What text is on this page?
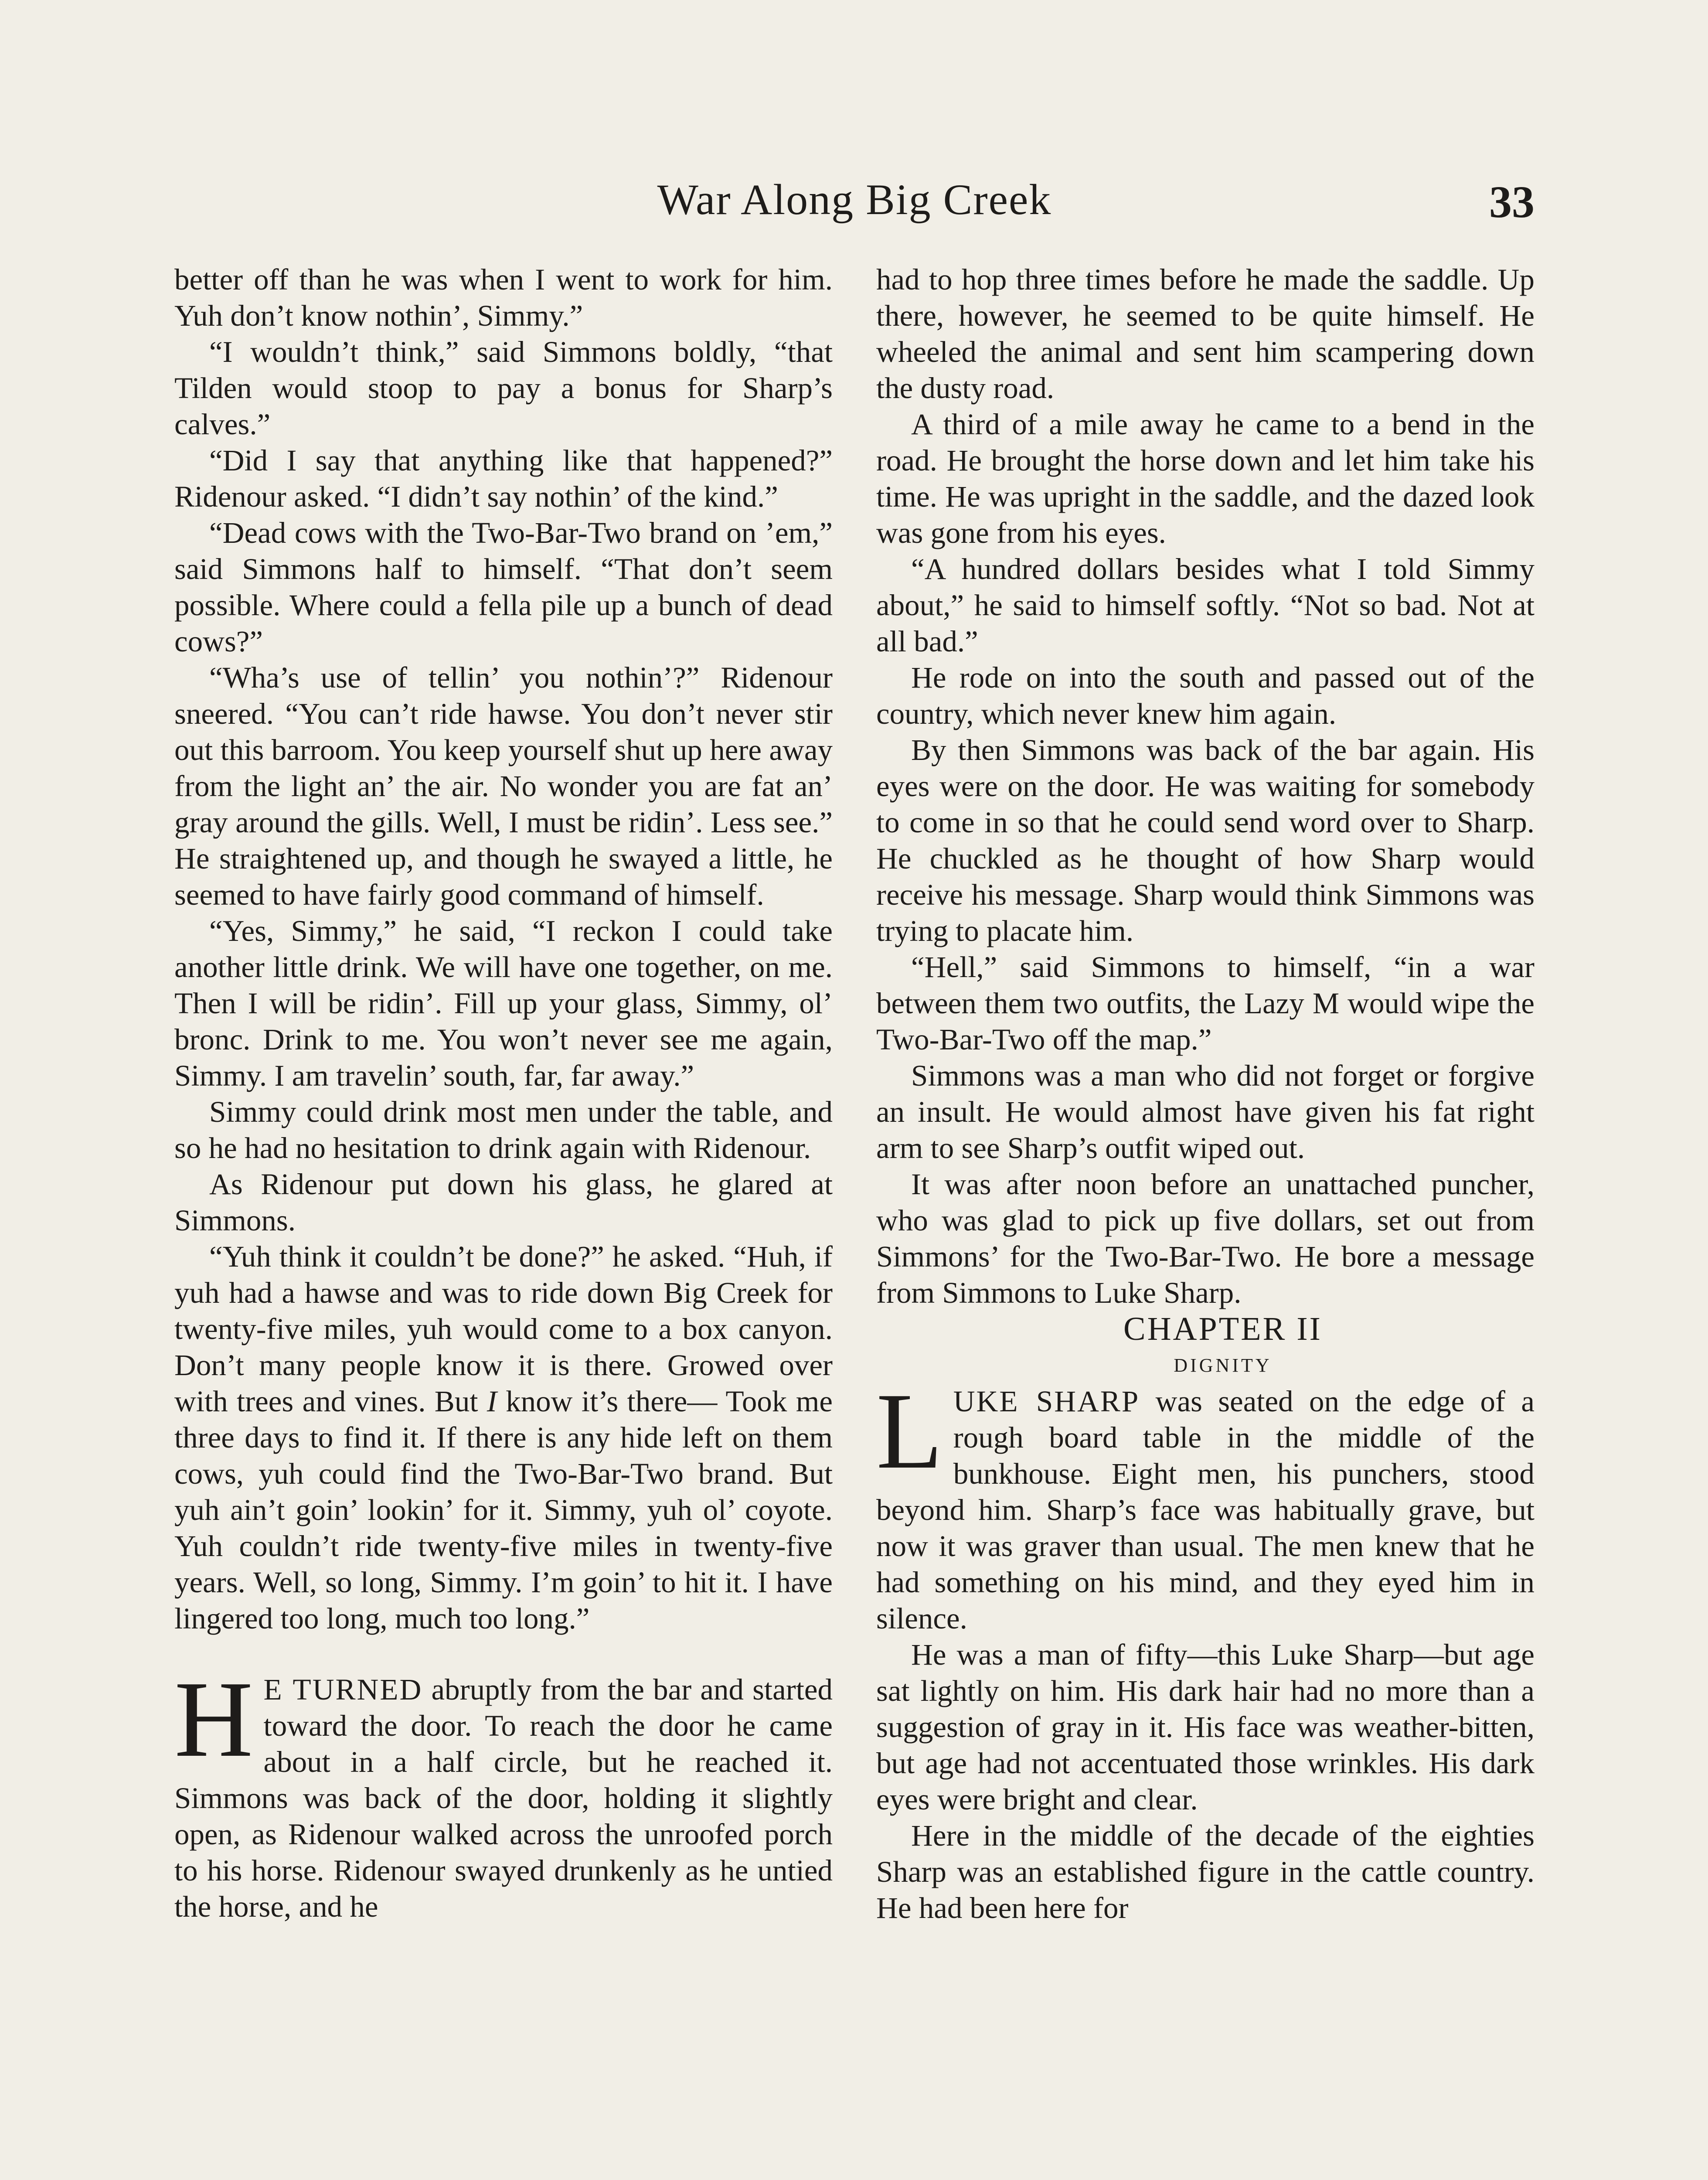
War Along Big Creek	33

better off than he was when I went to work for him. Yuh don’t know nothin’, Simmy.”

“I wouldn’t think,” said Simmons boldly, “that Tilden would stoop to pay a bonus for Sharp’s calves.”

“Did I say that anything like that happened?” Ridenour asked. “I didn’t say nothin’ of the kind.”

“Dead cows with the Two-Bar-Two brand on ’em,” said Simmons half to himself. “That don’t seem possible. Where could a fella pile up a bunch of dead cows?”

“Wha’s use of tellin’ you nothin’?” Ridenour sneered. “You can’t ride hawse. You don’t never stir out this barroom. You keep yourself shut up here away from the light an’ the air. No wonder you are fat an’ gray around the gills. Well, I must be ridin’. Less see.” He straightened up, and though he swayed a little, he seemed to have fairly good command of himself.

“Yes, Simmy,” he said, “I reckon I could take another little drink. We will have one together, on me. Then I will be ridin’. Fill up your glass, Simmy, ol’ bronc. Drink to me. You won’t never see me again, Simmy. I am travelin’ south, far, far away.”

Simmy could drink most men under the table, and so he had no hesitation to drink again with Ridenour.

As Ridenour put down his glass, he glared at Simmons.

“Yuh think it couldn’t be done?” he asked. “Huh, if yuh had a hawse and was to ride down Big Creek for twenty-five miles, yuh would come to a box canyon. Don’t many people know it is there. Growed over with trees and vines. But I know it’s there— Took me three days to find it. If there is any hide left on them cows, yuh could find the Two-Bar-Two brand. But yuh ain’t goin’ lookin’ for it. Simmy, yuh ol’ coyote. Yuh couldn’t ride twenty-five miles in twenty-five years. Well, so long, Simmy. I’m goin’ to hit it. I have lingered too long, much too long.”

H E TURNED abruptly from the bar and started toward the door. To reach the door he came about in a half circle, but he reached it. Simmons was back of the door, holding it slightly open, as Ridenour walked across the unroofed porch to his horse. Ridenour swayed drunkenly as he untied the horse, and he

had to hop three times before he made the saddle. Up there, however, he seemed to be quite himself. He wheeled the animal and sent him scampering down the dusty road.

A third of a mile away he came to a bend in the road. He brought the horse down and let him take his time. He was upright in the saddle, and the dazed look was gone from his eyes.

“A hundred dollars besides what I told Simmy about,” he said to himself softly. “Not so bad. Not at all bad.”

He rode on into the south and passed out of the country, which never knew him again.

By then Simmons was back of the bar again. His eyes were on the door. He was waiting for somebody to come in so that he could send word over to Sharp. He chuckled as he thought of how Sharp would receive his message. Sharp would think Simmons was trying to placate him.

“Hell,” said Simmons to himself, “in a war between them two outfits, the Lazy M would wipe the Two-Bar-Two off the map.”

Simmons was a man who did not forget or forgive an insult. He would almost have given his fat right arm to see Sharp’s outfit wiped out.

It was after noon before an unattached puncher, who was glad to pick up five dollars, set out from Simmons’ for the Two-Bar-Two. He bore a message from Simmons to Luke Sharp.

CHAPTER II

DIGNITY

LUKE SHARP was seated on the edge of a rough board table in the middle of the bunkhouse. Eight men, his punchers, stood beyond him. Sharp’s face was habitually grave, but now it was graver than usual. The men knew that he had something on his mind, and they eyed him in silence.

He was a man of fifty—this Luke Sharp—but age sat lightly on him. His dark hair had no more than a suggestion of gray in it. His face was weather-bitten, but age had not accentuated those wrinkles. His dark eyes were bright and clear.

Here in the middle of the decade of the eighties Sharp was an established figure in the cattle country. He had been here for
